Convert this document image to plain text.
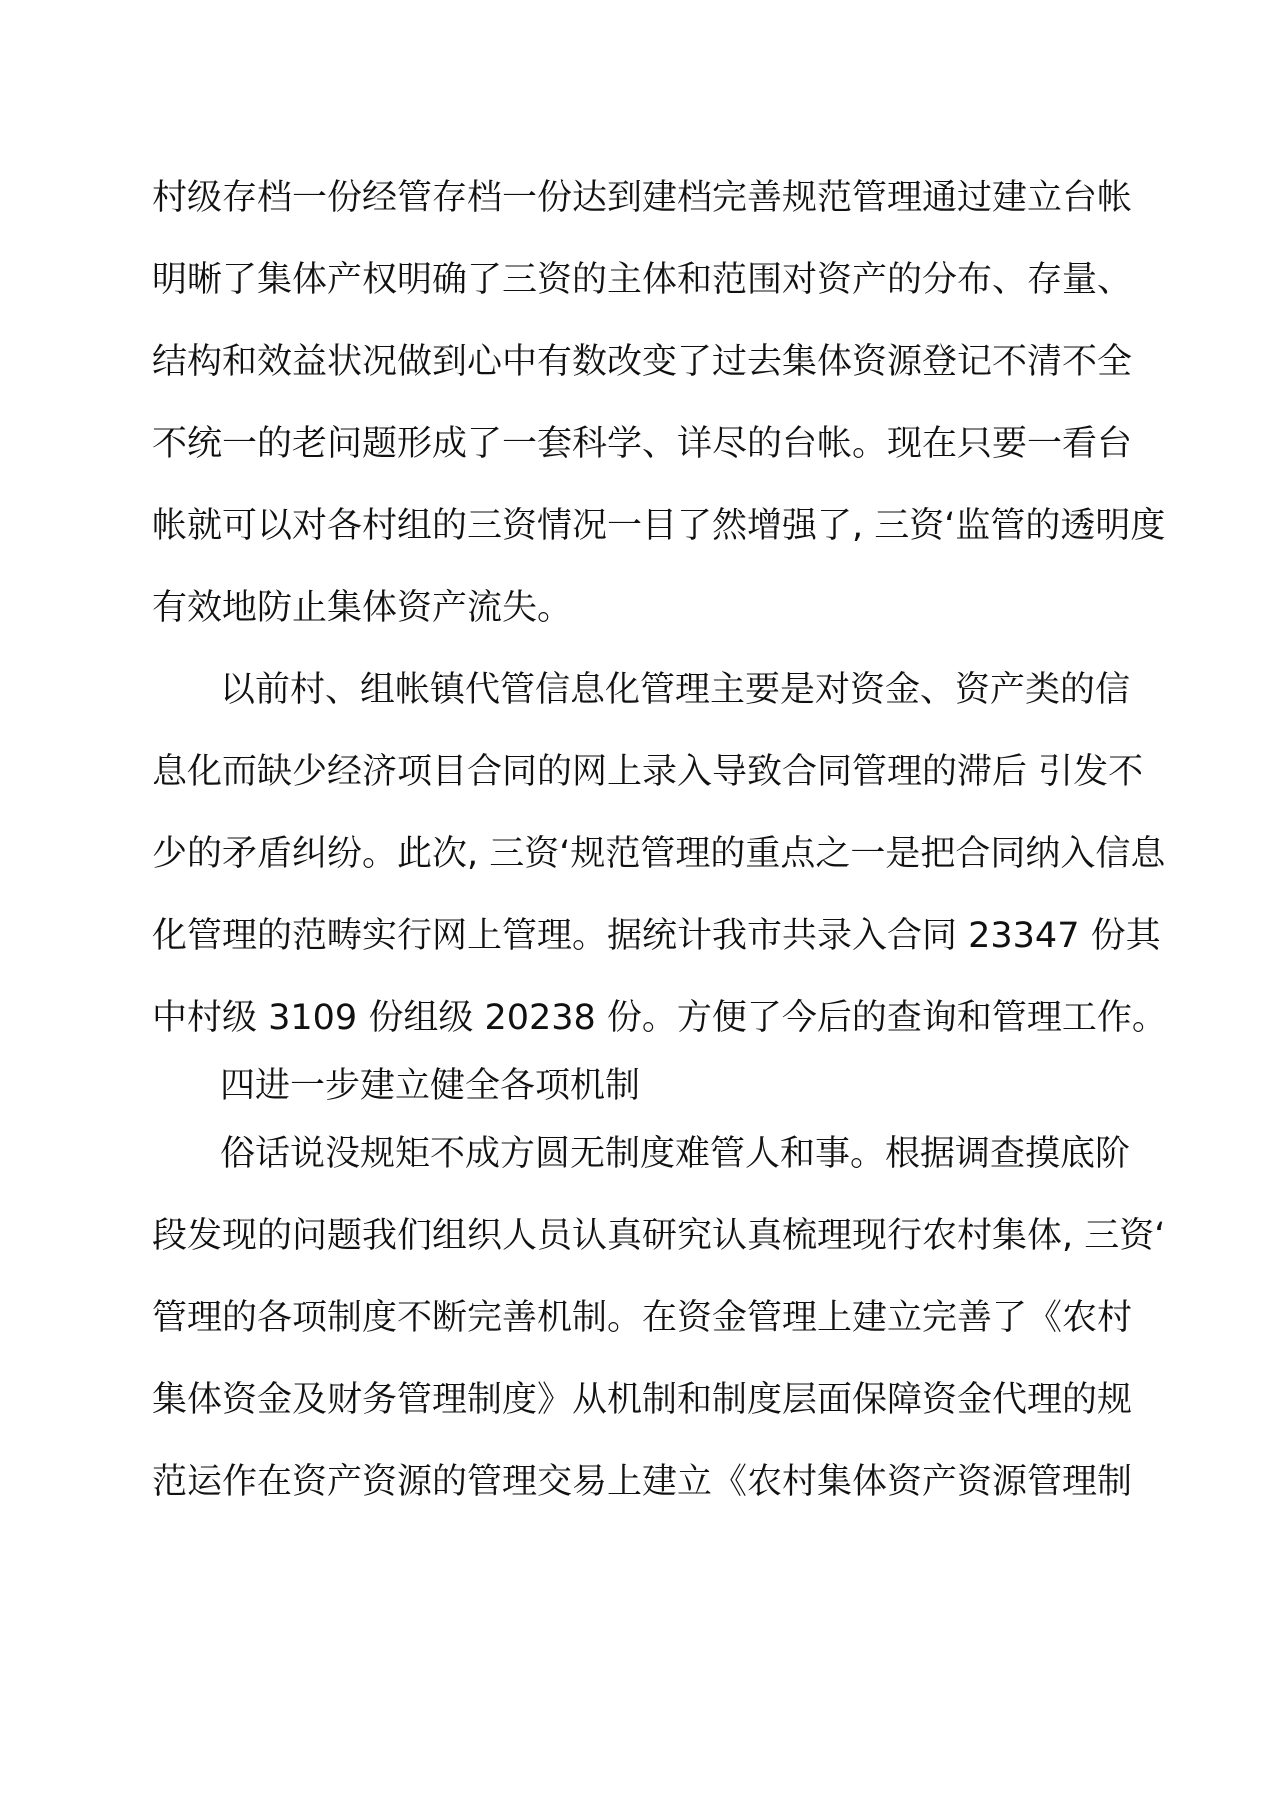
村级存档一份经管存档一份达到建档完善规范管理通过建立台帐
明晰了集体产权明确了三资的主体和范围对资产的分布、存量、
结构和效益状况做到心中有数改变了过去集体资源登记不清不全
不统一的老问题形成了一套科学、详尽的台帐。现在只要一看台
帐就可以对各村组的三资情况一目了然增强了, 三资‘监管的透明度
有效地防止集体资产流失。
以前村、组帐镇代管信息化管理主要是对资金、资产类的信
息化而缺少经济项目合同的网上录入导致合同管理的滞后 引发不
少的矛盾纠纷。此次, 三资‘规范管理的重点之一是把合同纳入信息
化管理的范畴实行网上管理。据统计我市共录入合同 23347 份其
中村级 3109 份组级 20238 份。方便了今后的查询和管理工作。
四进一步建立健全各项机制
俗话说没规矩不成方圆无制度难管人和事。根据调查摸底阶
段发现的问题我们组织人员认真研究认真梳理现行农村集体, 三资‘
管理的各项制度不断完善机制。在资金管理上建立完善了《农村
集体资金及财务管理制度》从机制和制度层面保障资金代理的规
范运作在资产资源的管理交易上建立《农村集体资产资源管理制
